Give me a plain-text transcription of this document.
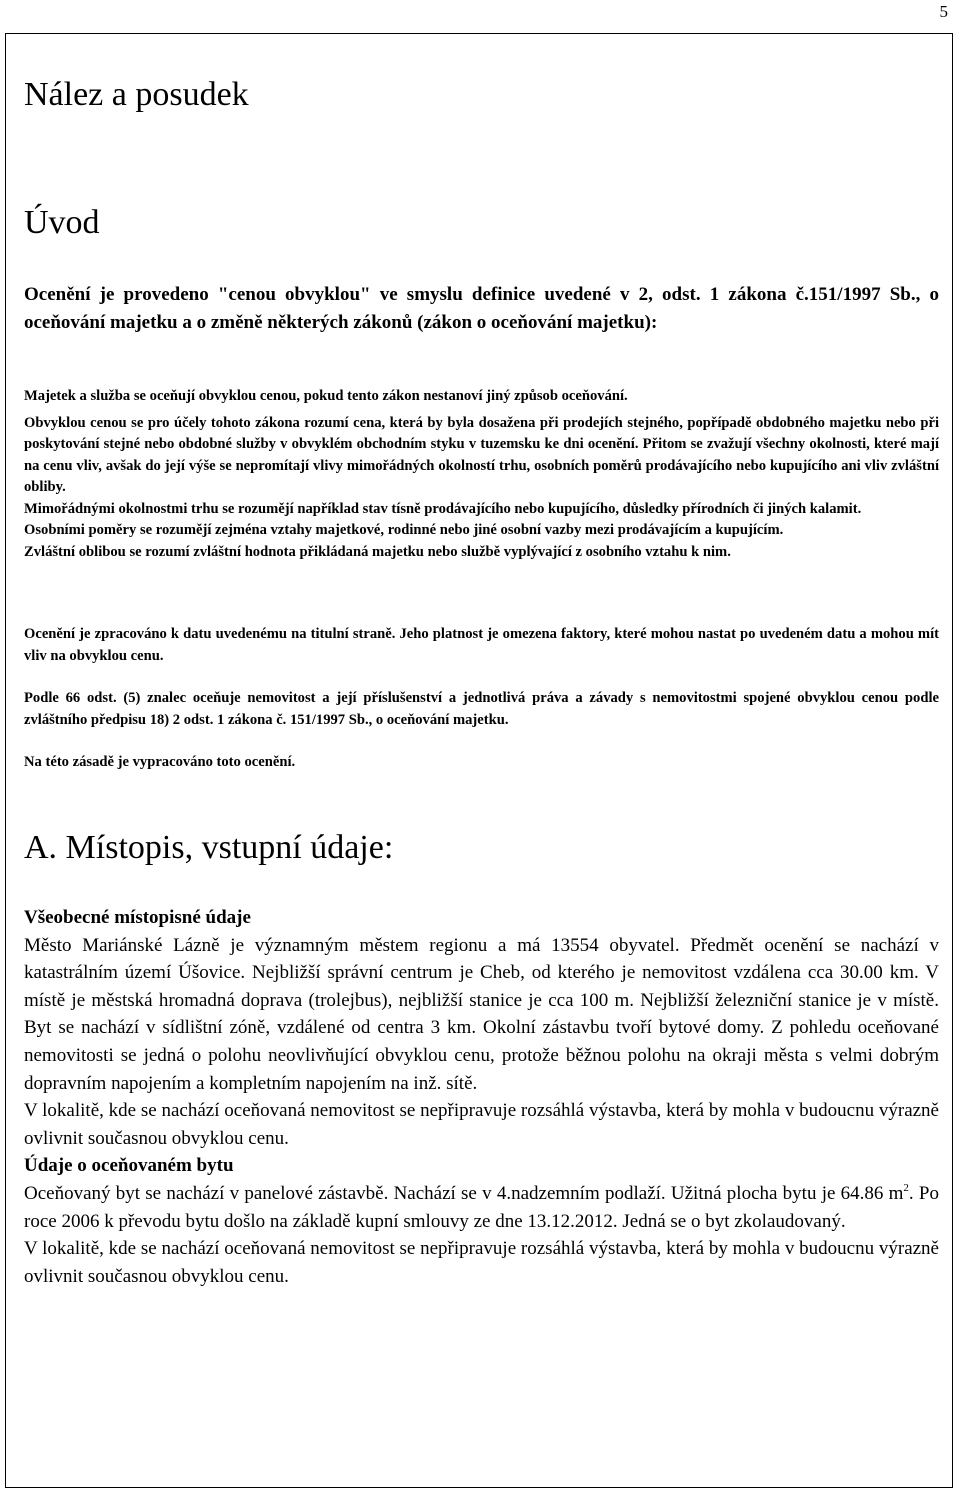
5
Nález a posudek
Úvod
Ocenění je provedeno "cenou obvyklou" ve smyslu definice uvedené v 2, odst. 1 zákona č.151/1997 Sb., o oceňování majetku a o změně některých zákonů (zákon o oceňování majetku):

Majetek a služba se oceňují obvyklou cenou, pokud tento zákon nestanoví jiný způsob oceňování.

Obvyklou cenou se pro účely tohoto zákona rozumí cena, která by byla dosažena při prodejích stejného, popřípadě obdobného majetku nebo při poskytování stejné nebo obdobné služby v obvyklém obchodním styku v tuzemsku ke dni ocenění. Přitom se zvažují všechny okolnosti, které mají na cenu vliv, avšak do její výše se nepromítají vlivy mimořádných okolností trhu, osobních poměrů prodávajícího nebo kupujícího ani vliv zvláštní obliby.

Mimořádnými okolnostmi trhu se rozumějí například stav tísně prodávajícího nebo kupujícího, důsledky přírodních či jiných kalamit.

Osobními poměry se rozumějí zejména vztahy majetkové, rodinné nebo jiné osobní vazby mezi prodávajícím a kupujícím.

Zvláštní oblibou se rozumí zvláštní hodnota přikládaná majetku nebo službě vyplývající z osobního vztahu k nim.

Ocenění je zpracováno k datu uvedenému na titulní straně. Jeho platnost je omezena faktory, které mohou nastat po uvedeném datu a mohou mít vliv na obvyklou cenu.
Podle 66 odst. (5) znalec oceňuje nemovitost a její příslušenství a jednotlivá práva a závady s nemovitostmi spojené obvyklou cenou podle zvláštního předpisu 18) 2 odst. 1 zákona č. 151/1997 Sb., o oceňování majetku.
Na této zásadě je vypracováno toto ocenění.
A. Místopis, vstupní údaje:

Všeobecné místopisné údaje

Město Mariánské Lázně je významným městem regionu a má 13554 obyvatel. Předmět ocenění se nachází v katastrálním území Úšovice. Nejbližší správní centrum je Cheb, od kterého je nemovitost vzdálena cca 30.00 km. V místě je městská hromadná doprava (trolejbus), nejbližší stanice je cca 100 m. Nejbližší železniční stanice je v místě. Byt se nachází v sídlištní zóně, vzdálené od centra 3 km. Okolní zástavbu tvoří bytové domy. Z pohledu oceňované nemovitosti se jedná o polohu neovlivňující obvyklou cenu, protože běžnou polohu na okraji města s velmi dobrým dopravním napojením a kompletním napojením na inž. sítě.

V lokalitě, kde se nachází oceňovaná nemovitost se nepřipravuje rozsáhlá výstavba, která by mohla v budoucnu výrazně ovlivnit současnou obvyklou cenu.

Údaje o oceňovaném bytu

Oceňovaný byt se nachází v panelové zástavbě. Nachází se v 4.nadzemním podlaží. Užitná plocha bytu je 64.86 $m^2$. Po roce 2006 k převodu bytu došlo na základě kupní smlouvy ze dne 13.12.2012. Jedná se o byt zkolaudovaný.

V lokalitě, kde se nachází oceňovaná nemovitost se nepřipravuje rozsáhlá výstavba, která by mohla v budoucnu výrazně ovlivnit současnou obvyklou cenu.
